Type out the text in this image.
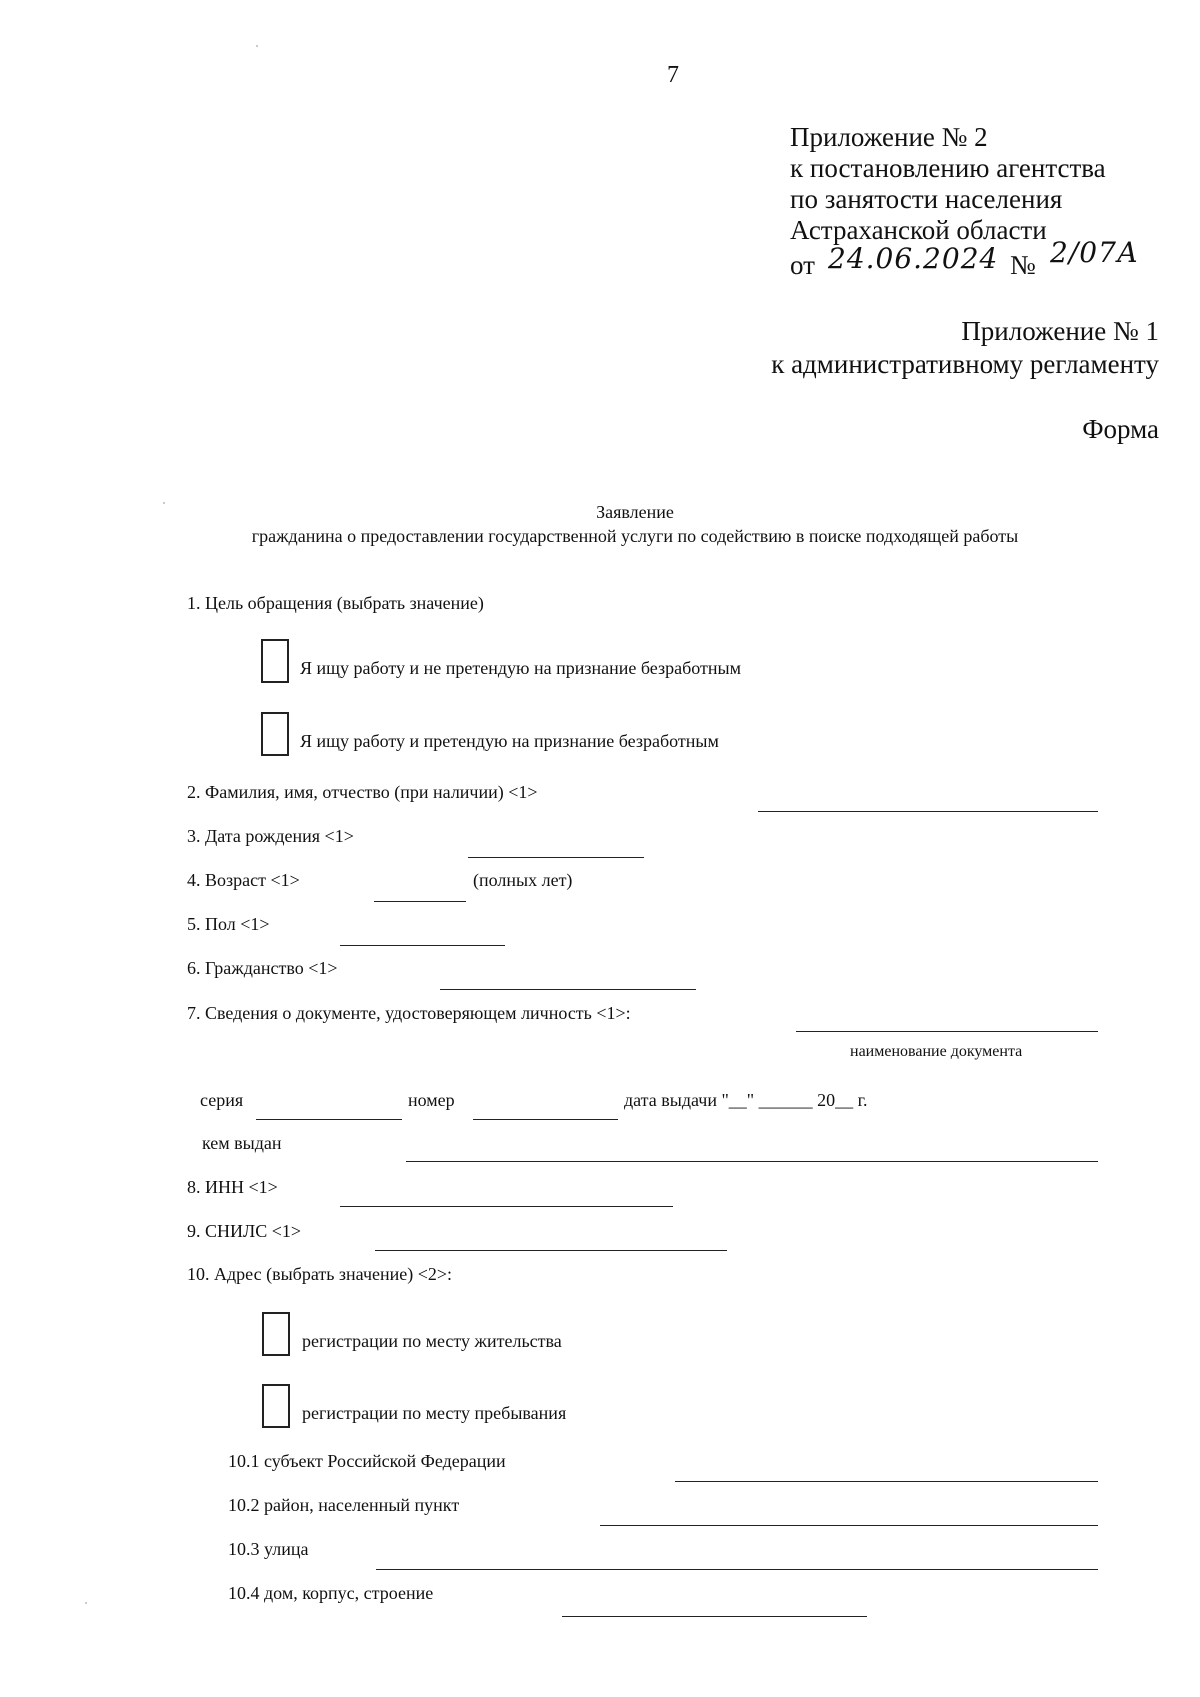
7
Приложение № 2
к постановлению агентства
по занятости населения
Астраханской области
от 24.06.2024 № 2/07А
Приложение № 1
к административному регламенту
Форма
Заявление
гражданина о предоставлении государственной услуги по содействию в поиске подходящей работы
1. Цель обращения (выбрать значение)
Я ищу работу и не претендую на признание безработным
Я ищу работу и претендую на признание безработным
2. Фамилия, имя, отчество (при наличии) <1>
3. Дата рождения <1>
4. Возраст <1>	(полных лет)
5. Пол <1>
6. Гражданство <1>
7. Сведения о документе, удостоверяющем личность <1>:
наименование документа
серия	номер	дата выдачи "__" ______ 20__ г.
кем выдан
8. ИНН <1>
9. СНИЛС <1>
10. Адрес (выбрать значение) <2>:
регистрации по месту жительства
регистрации по месту пребывания
10.1 субъект Российской Федерации
10.2 район, населенный пункт
10.3 улица
10.4 дом, корпус, строение
